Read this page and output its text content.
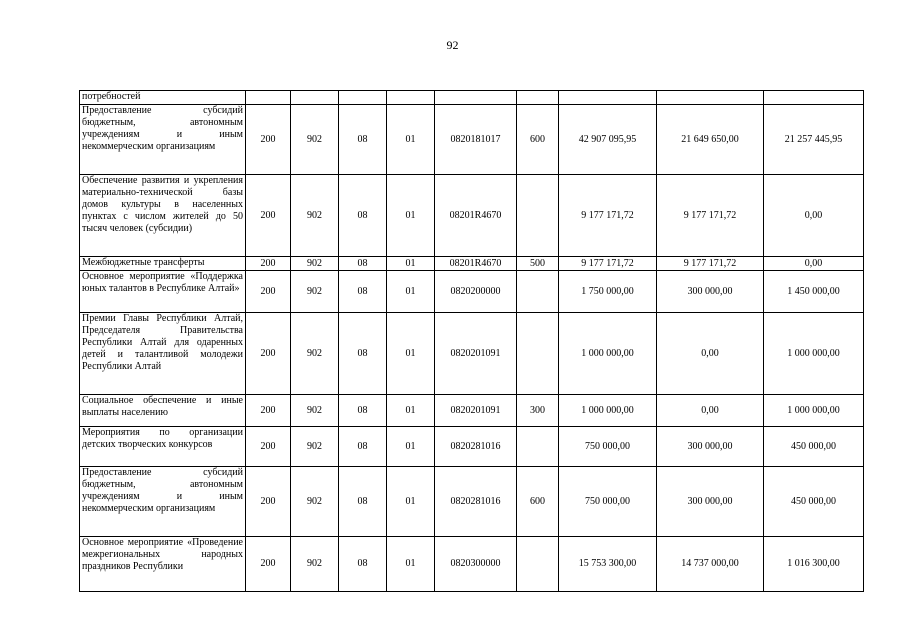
92
потребностей									
Предоставление субсидий бюджетным, автономным учреждениям и иным некоммерческим организациям	200	902	08	01	0820181017	600	42 907 095,95	21 649 650,00	21 257 445,95
Обеспечение развития и укрепления материально-технической базы домов культуры в населенных пунктах с числом жителей до 50 тысяч человек (субсидии)	200	902	08	01	08201R4670		9 177 171,72	9 177 171,72	0,00
Межбюджетные трансферты	200	902	08	01	08201R4670	500	9 177 171,72	9 177 171,72	0,00
Основное мероприятие «Поддержка юных талантов в Республике Алтай»	200	902	08	01	0820200000		1 750 000,00	300 000,00	1 450 000,00
Премии Главы Республики Алтай, Председателя Правительства Республики Алтай для одаренных детей и талантливой молодежи Республики Алтай	200	902	08	01	0820201091		1 000 000,00	0,00	1 000 000,00
Социальное обеспечение и иные выплаты населению	200	902	08	01	0820201091	300	1 000 000,00	0,00	1 000 000,00
Мероприятия по организации детских творческих конкурсов	200	902	08	01	0820281016		750 000,00	300 000,00	450 000,00
Предоставление субсидий бюджетным, автономным учреждениям и иным некоммерческим организациям	200	902	08	01	0820281016	600	750 000,00	300 000,00	450 000,00
Основное мероприятие «Проведение межрегиональных народных праздников Республики	200	902	08	01	0820300000		15 753 300,00	14 737 000,00	1 016 300,00
